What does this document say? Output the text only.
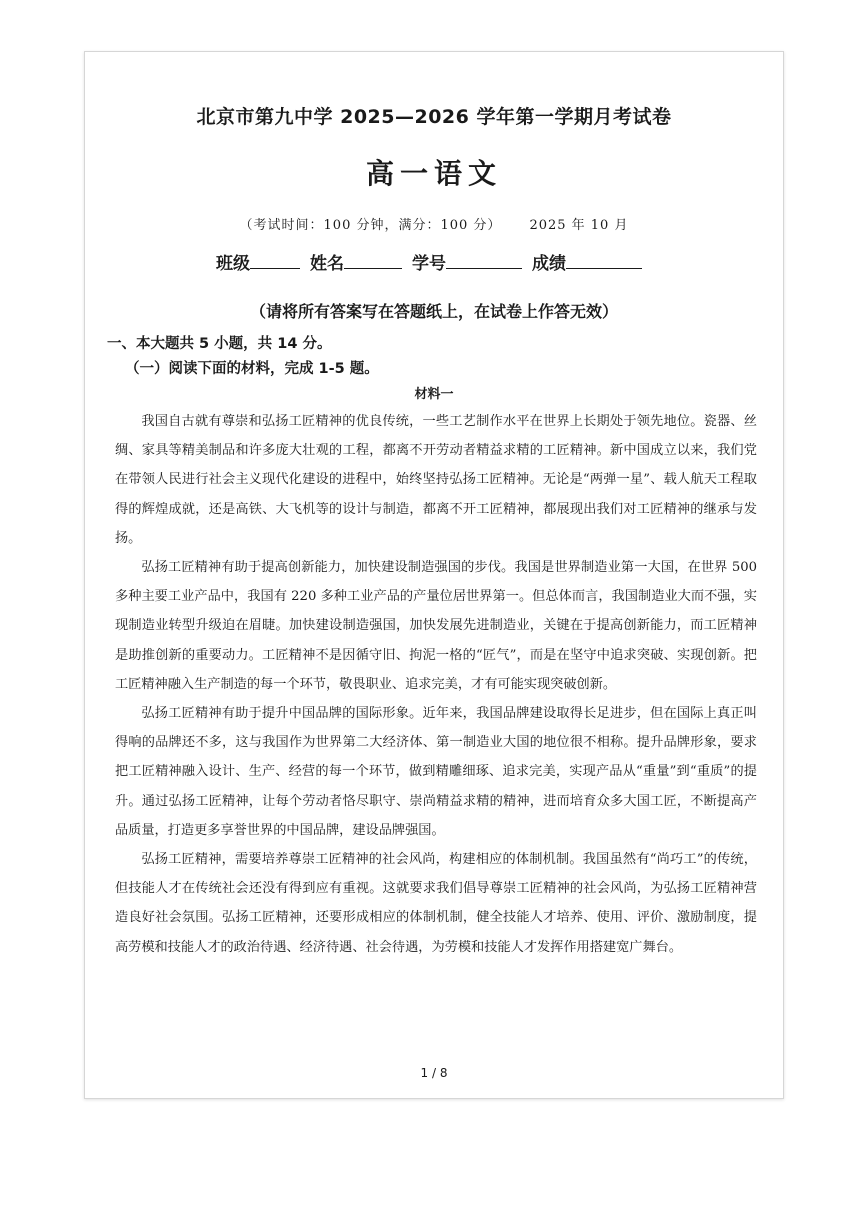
北京市第九中学 2025—2026 学年第一学期月考试卷
高一语文
（考试时间：100 分钟，满分：100 分） 2025 年 10 月
班级	姓名	学号	成绩
（请将所有答案写在答题纸上，在试卷上作答无效）
一、本大题共 5 小题，共 14 分。
（一）阅读下面的材料，完成 1-5 题。
材料一

我国自古就有尊崇和弘扬工匠精神的优良传统，一些工艺制作水平在世界上长期处于领先地位。瓷器、丝绸、家具等精美制品和许多庞大壮观的工程，都离不开劳动者精益求精的工匠精神。新中国成立以来，我们党在带领人民进行社会主义现代化建设的进程中，始终坚持弘扬工匠精神。无论是“两弹一星”、载人航天工程取得的辉煌成就，还是高铁、大飞机等的设计与制造，都离不开工匠精神，都展现出我们对工匠精神的继承与发扬。

弘扬工匠精神有助于提高创新能力，加快建设制造强国的步伐。我国是世界制造业第一大国，在世界 500 多种主要工业产品中，我国有 220 多种工业产品的产量位居世界第一。但总体而言，我国制造业大而不强，实现制造业转型升级迫在眉睫。加快建设制造强国，加快发展先进制造业，关键在于提高创新能力，而工匠精神是助推创新的重要动力。工匠精神不是因循守旧、拘泥一格的“匠气”，而是在坚守中追求突破、实现创新。把工匠精神融入生产制造的每一个环节，敬畏职业、追求完美，才有可能实现突破创新。

弘扬工匠精神有助于提升中国品牌的国际形象。近年来，我国品牌建设取得长足进步，但在国际上真正叫得响的品牌还不多，这与我国作为世界第二大经济体、第一制造业大国的地位很不相称。提升品牌形象，要求把工匠精神融入设计、生产、经营的每一个环节，做到精雕细琢、追求完美，实现产品从“重量”到“重质”的提升。通过弘扬工匠精神，让每个劳动者恪尽职守、崇尚精益求精的精神，进而培育众多大国工匠，不断提高产品质量，打造更多享誉世界的中国品牌，建设品牌强国。

弘扬工匠精神，需要培养尊崇工匠精神的社会风尚，构建相应的体制机制。我国虽然有“尚巧工”的传统，但技能人才在传统社会还没有得到应有重视。这就要求我们倡导尊崇工匠精神的社会风尚，为弘扬工匠精神营造良好社会氛围。弘扬工匠精神，还要形成相应的体制机制，健全技能人才培养、使用、评价、激励制度，提高劳模和技能人才的政治待遇、经济待遇、社会待遇，为劳模和技能人才发挥作用搭建宽广舞台。

1 / 8
